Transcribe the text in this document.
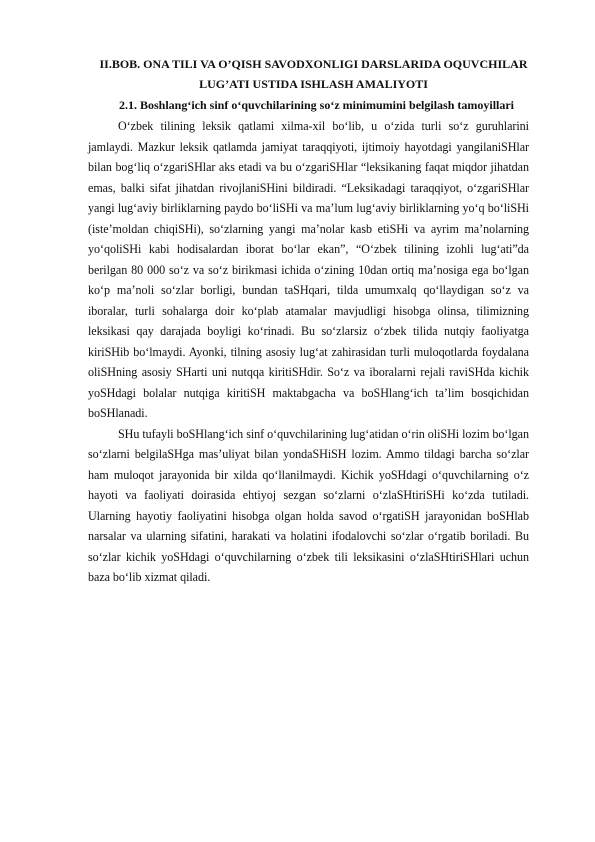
II.BOB. ONA TILI VA O’QISH SAVODXONLIGI DARSLARIDA OQUVCHILAR LUG’ATI USTIDA ISHLASH AMALIYOTI
2.1. Boshlang‘ich sinf o‘quvchilarining so‘z minimumini belgilash tamoyillari

O‘zbek tilining leksik qatlami xilma-xil bo‘lib, u o‘zida turli so‘z guruhlarini jamlaydi. Mazkur leksik qatlamda jamiyat taraqqiyoti, ijtimoiy hayotdagi yangilaniSHlar bilan bog‘liq o‘zgariSHlar aks etadi va bu o‘zgariSHlar “leksikaning faqat miqdor jihatdan emas, balki sifat jihatdan rivojlaniSHini bildiradi. “Leksikadagi taraqqiyot, o‘zgariSHlar yangi lug‘aviy birliklarning paydo bo‘liSHi va ma’lum lug‘aviy birliklarning yo‘q bo‘liSHi (iste’moldan chiqiSHi), so‘zlarning yangi ma’nolar kasb etiSHi va ayrim ma’nolarning yo‘qoliSHi kabi hodisalardan iborat bo‘lar ekan”, “O‘zbek tilining izohli lug‘ati”da berilgan 80 000 so‘z va so‘z birikmasi ichida o‘zining 10dan ortiq ma’nosiga ega bo‘lgan ko‘p ma’noli so‘zlar borligi, bundan taSHqari, tilda umumxalq qo‘llaydigan so‘z va iboralar, turli sohalarga doir ko‘plab atamalar mavjudligi hisobga olinsa, tilimizning leksikasi qay darajada boyligi ko‘rinadi. Bu so‘zlarsiz o‘zbek tilida nutqiy faoliyatga kiriSHib bo‘lmaydi. Ayonki, tilning asosiy lug‘at zahirasidan turli muloqotlarda foydalana oliSHning asosiy SHarti uni nutqqa kiritiSHdir. So‘z va iboralarni rejali raviSHda kichik yoSHdagi bolalar nutqiga kiritiSH maktabgacha va boSHlang‘ich ta’lim bosqichidan boSHlanadi.

SHu tufayli boSHlang‘ich sinf o‘quvchilarining lug‘atidan o‘rin oliSHi lozim bo‘lgan so‘zlarni belgilaSHga mas’uliyat bilan yondaSHiSH lozim. Ammo tildagi barcha so‘zlar ham muloqot jarayonida bir xilda qo‘llanilmaydi. Kichik yoSHdagi o‘quvchilarning o‘z hayoti va faoliyati doirasida ehtiyoj sezgan so‘zlarni o‘zlaSHtiriSHi ko‘zda tutiladi. Ularning hayotiy faoliyatini hisobga olgan holda savod o‘rgatiSH jarayonidan boSHlab narsalar va ularning sifatini, harakati va holatini ifodalovchi so‘zlar o‘rgatib boriladi. Bu so‘zlar kichik yoSHdagi o‘quvchilarning o‘zbek tili leksikasini o‘zlaSHtiriSHlari uchun baza bo‘lib xizmat qiladi.
